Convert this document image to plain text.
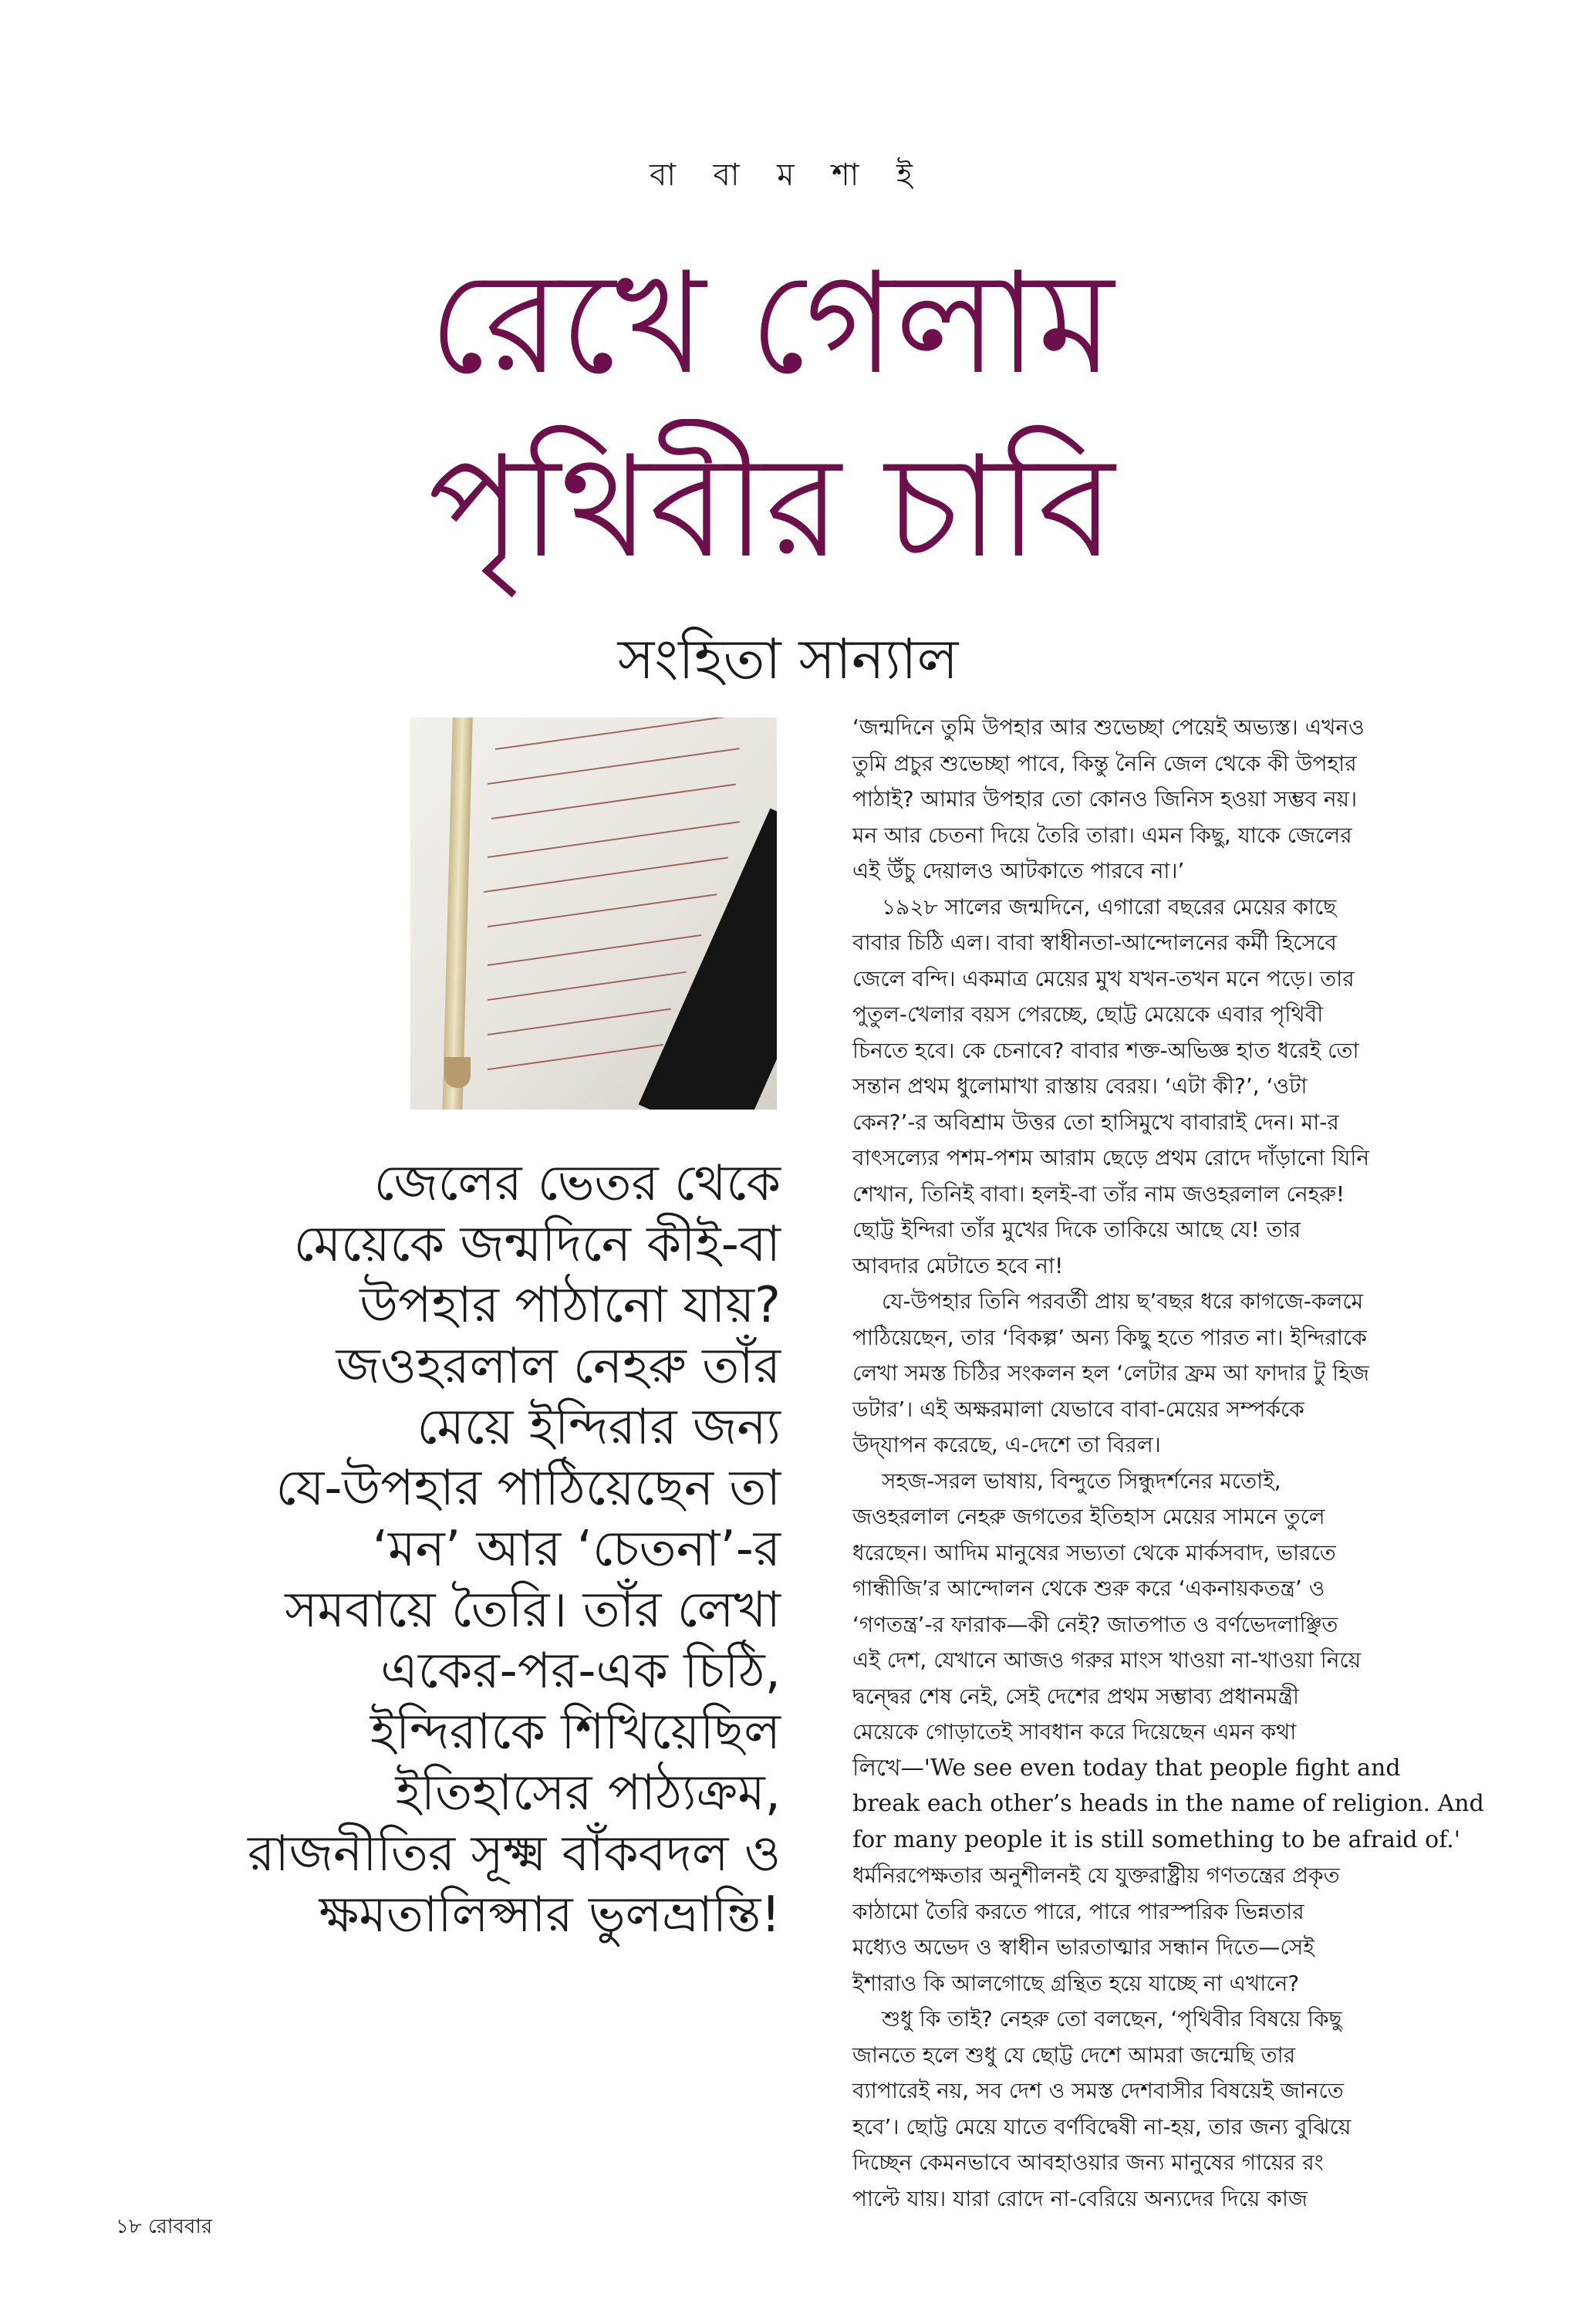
বা বা ম শা ই
রেখে গেলাম
পৃথিবীর চাবি
সংহিতা সান্যাল
জেলের ভেতর থেকে
মেয়েকে জন্মদিনে কীই-বা
উপহার পাঠানো যায়?
জওহরলাল নেহরু তাঁর
মেয়ে ইন্দিরার জন্য
যে-উপহার পাঠিয়েছেন তা
‘মন’ আর ‘চেতনা’-র
সমবায়ে তৈরি। তাঁর লেখা
একের-পর-এক চিঠি,
ইন্দিরাকে শিখিয়েছিল
ইতিহাসের পাঠ্যক্রম,
রাজনীতির সূক্ষ্ম বাঁকবদল ও
ক্ষমতালিপ্সার ভুলভ্রান্তি!
‘জন্মদিনে তুমি উপহার আর শুভেচ্ছা পেয়েই অভ্যস্ত। এখনও
তুমি প্রচুর শুভেচ্ছা পাবে, কিন্তু নৈনি জেল থেকে কী উপহার
পাঠাই? আমার উপহার তো কোনও জিনিস হওয়া সম্ভব নয়।
মন আর চেতনা দিয়ে তৈরি তারা। এমন কিছু, যাকে জেলের
এই উঁচু দেয়ালও আটকাতে পারবে না।’
১৯২৮ সালের জন্মদিনে, এগারো বছরের মেয়ের কাছে
বাবার চিঠি এল। বাবা স্বাধীনতা-আন্দোলনের কর্মী হিসেবে
জেলে বন্দি। একমাত্র মেয়ের মুখ যখন-তখন মনে পড়ে। তার
পুতুল-খেলার বয়স পেরচ্ছে, ছোট্ট মেয়েকে এবার পৃথিবী
চিনতে হবে। কে চেনাবে? বাবার শক্ত-অভিজ্ঞ হাত ধরেই তো
সন্তান প্রথম ধুলোমাখা রাস্তায় বেরয়। ‘এটা কী?’, ‘ওটা
কেন?’-র অবিশ্রাম উত্তর তো হাসিমুখে বাবারাই দেন। মা-র
বাৎসল্যের পশম-পশম আরাম ছেড়ে প্রথম রোদে দাঁড়ানো যিনি
শেখান, তিনিই বাবা। হলই-বা তাঁর নাম জওহরলাল নেহরু!
ছোট্ট ইন্দিরা তাঁর মুখের দিকে তাকিয়ে আছে যে! তার
আবদার মেটাতে হবে না!
যে-উপহার তিনি পরবর্তী প্রায় ছ’বছর ধরে কাগজে-কলমে
পাঠিয়েছেন, তার ‘বিকল্প’ অন্য কিছু হতে পারত না। ইন্দিরাকে
লেখা সমস্ত চিঠির সংকলন হল ‘লেটার ফ্রম আ ফাদার টু হিজ
ডটার’। এই অক্ষরমালা যেভাবে বাবা-মেয়ের সম্পর্ককে
উদ্‌যাপন করেছে, এ-দেশে তা বিরল।
সহজ-সরল ভাষায়, বিন্দুতে সিন্ধুদর্শনের মতোই,
জওহরলাল নেহরু জগতের ইতিহাস মেয়ের সামনে তুলে
ধরেছেন। আদিম মানুষের সভ্যতা থেকে মার্কসবাদ, ভারতে
গান্ধীজি’র আন্দোলন থেকে শুরু করে ‘একনায়কতন্ত্র’ ও
‘গণতন্ত্র’-র ফারাক—কী নেই? জাতপাত ও বর্ণভেদলাঞ্ছিত
এই দেশ, যেখানে আজও গরুর মাংস খাওয়া না-খাওয়া নিয়ে
দ্বন্দ্বের শেষ নেই, সেই দেশের প্রথম সম্ভাব্য প্রধানমন্ত্রী
মেয়েকে গোড়াতেই সাবধান করে দিয়েছেন এমন কথা
লিখে—'We see even today that people fight and
break each other’s heads in the name of religion. And
for many people it is still something to be afraid of.'
ধর্মনিরপেক্ষতার অনুশীলনই যে যুক্তরাষ্ট্রীয় গণতন্ত্রের প্রকৃত
কাঠামো তৈরি করতে পারে, পারে পারস্পরিক ভিন্নতার
মধ্যেও অভেদ ও স্বাধীন ভারতাত্মার সন্ধান দিতে—সেই
ইশারাও কি আলগোছে গ্রন্থিত হয়ে যাচ্ছে না এখানে?
শুধু কি তাই? নেহরু তো বলছেন, ‘পৃথিবীর বিষয়ে কিছু
জানতে হলে শুধু যে ছোট্ট দেশে আমরা জন্মেছি তার
ব্যাপারেই নয়, সব দেশ ও সমস্ত দেশবাসীর বিষয়েই জানতে
হবে’। ছোট্ট মেয়ে যাতে বর্ণবিদ্বেষী না-হয়, তার জন্য বুঝিয়ে
দিচ্ছেন কেমনভাবে আবহাওয়ার জন্য মানুষের গায়ের রং
পাল্টে যায়। যারা রোদে না-বেরিয়ে অন্যদের দিয়ে কাজ
১৮ রোববার
